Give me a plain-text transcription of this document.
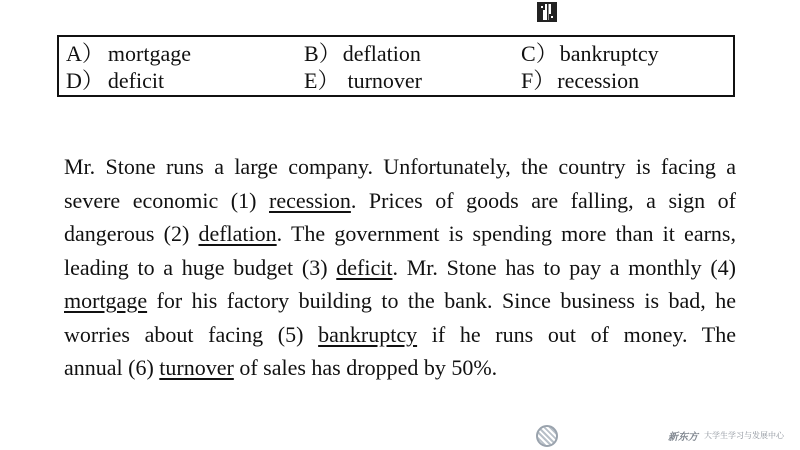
A） mortgage	B）deflation	C）bankruptcy
D） deficit	E） turnover	F）recession
Mr. Stone runs a large company. Unfortunately, the country is facing a
severe economic (1) recession. Prices of goods are falling, a sign of
dangerous (2) deflation. The government is spending more than it earns,
leading to a huge budget (3) deficit. Mr. Stone has to pay a monthly (4)
mortgage for his factory building to the bank. Since business is bad, he
worries about facing (5) bankruptcy if he runs out of money. The
annual (6) turnover of sales has dropped by 50%.
新东方 大学生学习与发展中心
